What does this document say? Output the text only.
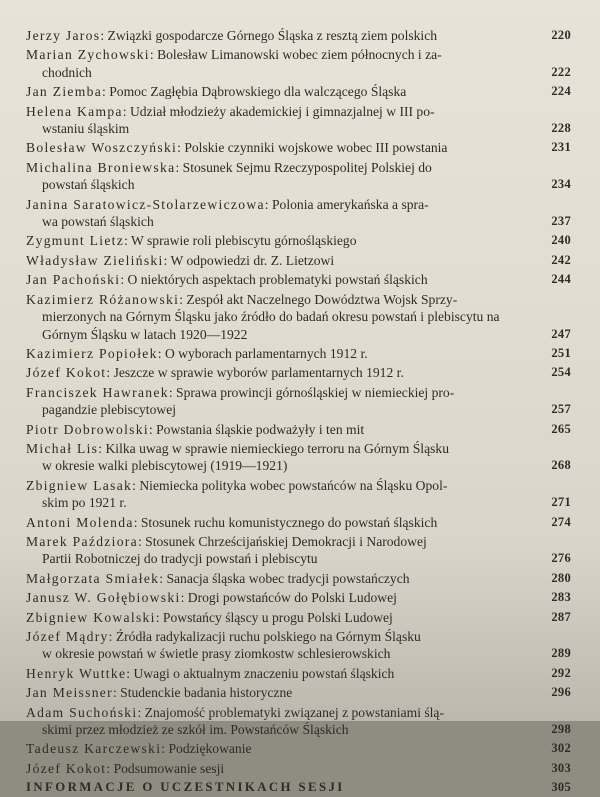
Jerzy Jaros: Związki gospodarcze Górnego Śląska z resztą ziem polskich	220
Marian Zychowski: Bolesław Limanowski wobec ziem północnych i za-
chodnich	222
Jan Ziemba: Pomoc Zagłębia Dąbrowskiego dla walczącego Śląska	224
Helena Kampa: Udział młodzieży akademickiej i gimnazjalnej w III po-
wstaniu śląskim	228
Bolesław Woszczyński: Polskie czynniki wojskowe wobec III powstania	231
Michalina Broniewska: Stosunek Sejmu Rzeczypospolitej Polskiej do
powstań śląskich	234
Janina Saratowicz-Stolarzewiczowa: Polonia amerykańska a spra-
wa powstań śląskich	237
Zygmunt Lietz: W sprawie roli plebiscytu górnośląskiego	240
Władysław Zieliński: W odpowiedzi dr. Z. Lietzowi	242
Jan Pachoński: O niektórych aspektach problematyki powstań śląskich	244
Kazimierz Różanowski: Zespół akt Naczelnego Dowództwa Wojsk Sprzy-
mierzonych na Górnym Śląsku jako źródło do badań okresu powstań i plebiscytu na Górnym Śląsku w latach 1920—1922	247
Kazimierz Popiołek: O wyborach parlamentarnych 1912 r.	251
Józef Kokot: Jeszcze w sprawie wyborów parlamentarnych 1912 r.	254
Franciszek Hawranek: Sprawa prowincji górnośląskiej w niemieckiej pro-
pagandzie plebiscytowej	257
Piotr Dobrowolski: Powstania śląskie podważyły i ten mit	265
Michał Lis: Kilka uwag w sprawie niemieckiego terroru na Górnym Śląsku
w okresie walki plebiscytowej (1919—1921)	268
Zbigniew Lasak: Niemiecka polityka wobec powstańców na Śląsku Opol-
skim po 1921 r.	271
Antoni Molenda: Stosunek ruchu komunistycznego do powstań śląskich	274
Marek Paździora: Stosunek Chrześcijańskiej Demokracji i Narodowej
Partii Robotniczej do tradycji powstań i plebiscytu	276
Małgorzata Smiałek: Sanacja śląska wobec tradycji powstańczych	280
Janusz W. Gołębiowski: Drogi powstańców do Polski Ludowej	283
Zbigniew Kowalski: Powstańcy śląscy u progu Polski Ludowej	287
Józef Mądry: Źródła radykalizacji ruchu polskiego na Górnym Śląsku
w okresie powstań w świetle prasy ziomkostw schlesierowskich	289
Henryk Wuttke: Uwagi o aktualnym znaczeniu powstań śląskich	292
Jan Meissner: Studenckie badania historyczne	296
Adam Suchoński: Znajomość problematyki związanej z powstaniami ślą-
skimi przez młodzież ze szkół im. Powstańców Śląskich	298
Tadeusz Karczewski: Podziękowanie	302
Józef Kokot: Podsumowanie sesji	303
INFORMACJE O UCZESTNIKACH SESJI	305
